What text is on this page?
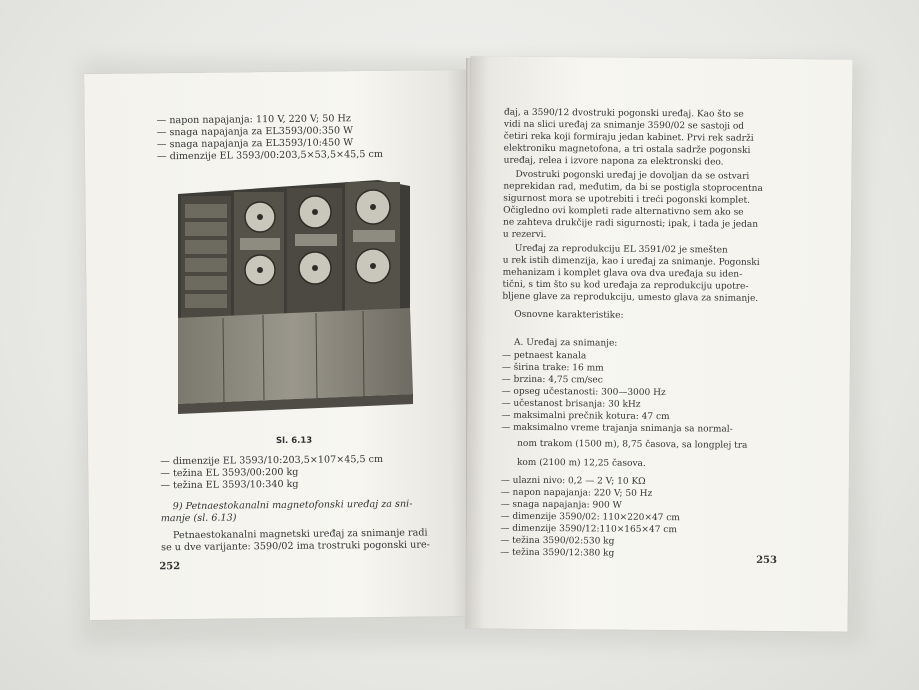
— napon napajanja: 110 V, 220 V; 50 Hz
— snaga napajanja za EL3593/00:350 W
— snaga napajanja za EL3593/10:450 W
— dimenzije EL 3593/00:203,5×53,5×45,5 cm
Sl. 6.13
— dimenzije EL 3593/10:203,5×107×45,5 cm
— težina EL 3593/00:200 kg
— težina EL 3593/10:340 kg
9) Petnaestokanalni magnetofonski uređaj za sni-
manje (sl. 6.13)
Petnaestokanalni magnetski uređaj za snimanje radi
se u dve varijante: 3590/02 ima trostruki pogonski ure-
252
đaj, a 3590/12 dvostruki pogonski uređaj. Kao što se
vidi na slici uređaj za snimanje 3590/02 se sastoji od
četiri reka koji formiraju jedan kabinet. Prvi rek sadrži
elektroniku magnetofona, a tri ostala sadrže pogonski
uređaj, relea i izvore napona za elektronski deo.
Dvostruki pogonski uređaj je dovoljan da se ostvari
neprekidan rad, međutim, da bi se postigla stoprocentna
sigurnost mora se upotrebiti i treći pogonski komplet.
Očigledno ovi kompleti rade alternativno sem ako se
ne zahteva drukčije radi sigurnosti; ipak, i tada je jedan
u rezervi.
Uređaj za reprodukciju EL 3591/02 je smešten
u rek istih dimenzija, kao i uređaj za snimanje. Pogonski
mehanizam i komplet glava ova dva uređaja su iden-
tični, s tim što su kod uređaja za reprodukciju upotre-
bljene glave za reprodukciju, umesto glava za snimanje.
Osnovne karakteristike:
A. Uređaj za snimanje:
— petnaest kanala
— širina trake: 16 mm
— brzina: 4,75 cm/sec
— opseg učestanosti: 300—3000 Hz
— učestanost brisanja: 30 kHz
— maksimalni prečnik koturа: 47 cm
— maksimalno vreme trajanja snimanja sa normal-
nom trakom (1500 m), 8,75 časova, sa longplej tra
kom (2100 m) 12,25 časova.
— ulazni nivo: 0,2 — 2 V; 10 KΩ
— napon napajanja: 220 V; 50 Hz
— snaga napajanja: 900 W
— dimenzije 3590/02: 110×220×47 cm
— dimenzije 3590/12:110×165×47 cm
— težina 3590/02:530 kg
— težina 3590/12:380 kg
253
